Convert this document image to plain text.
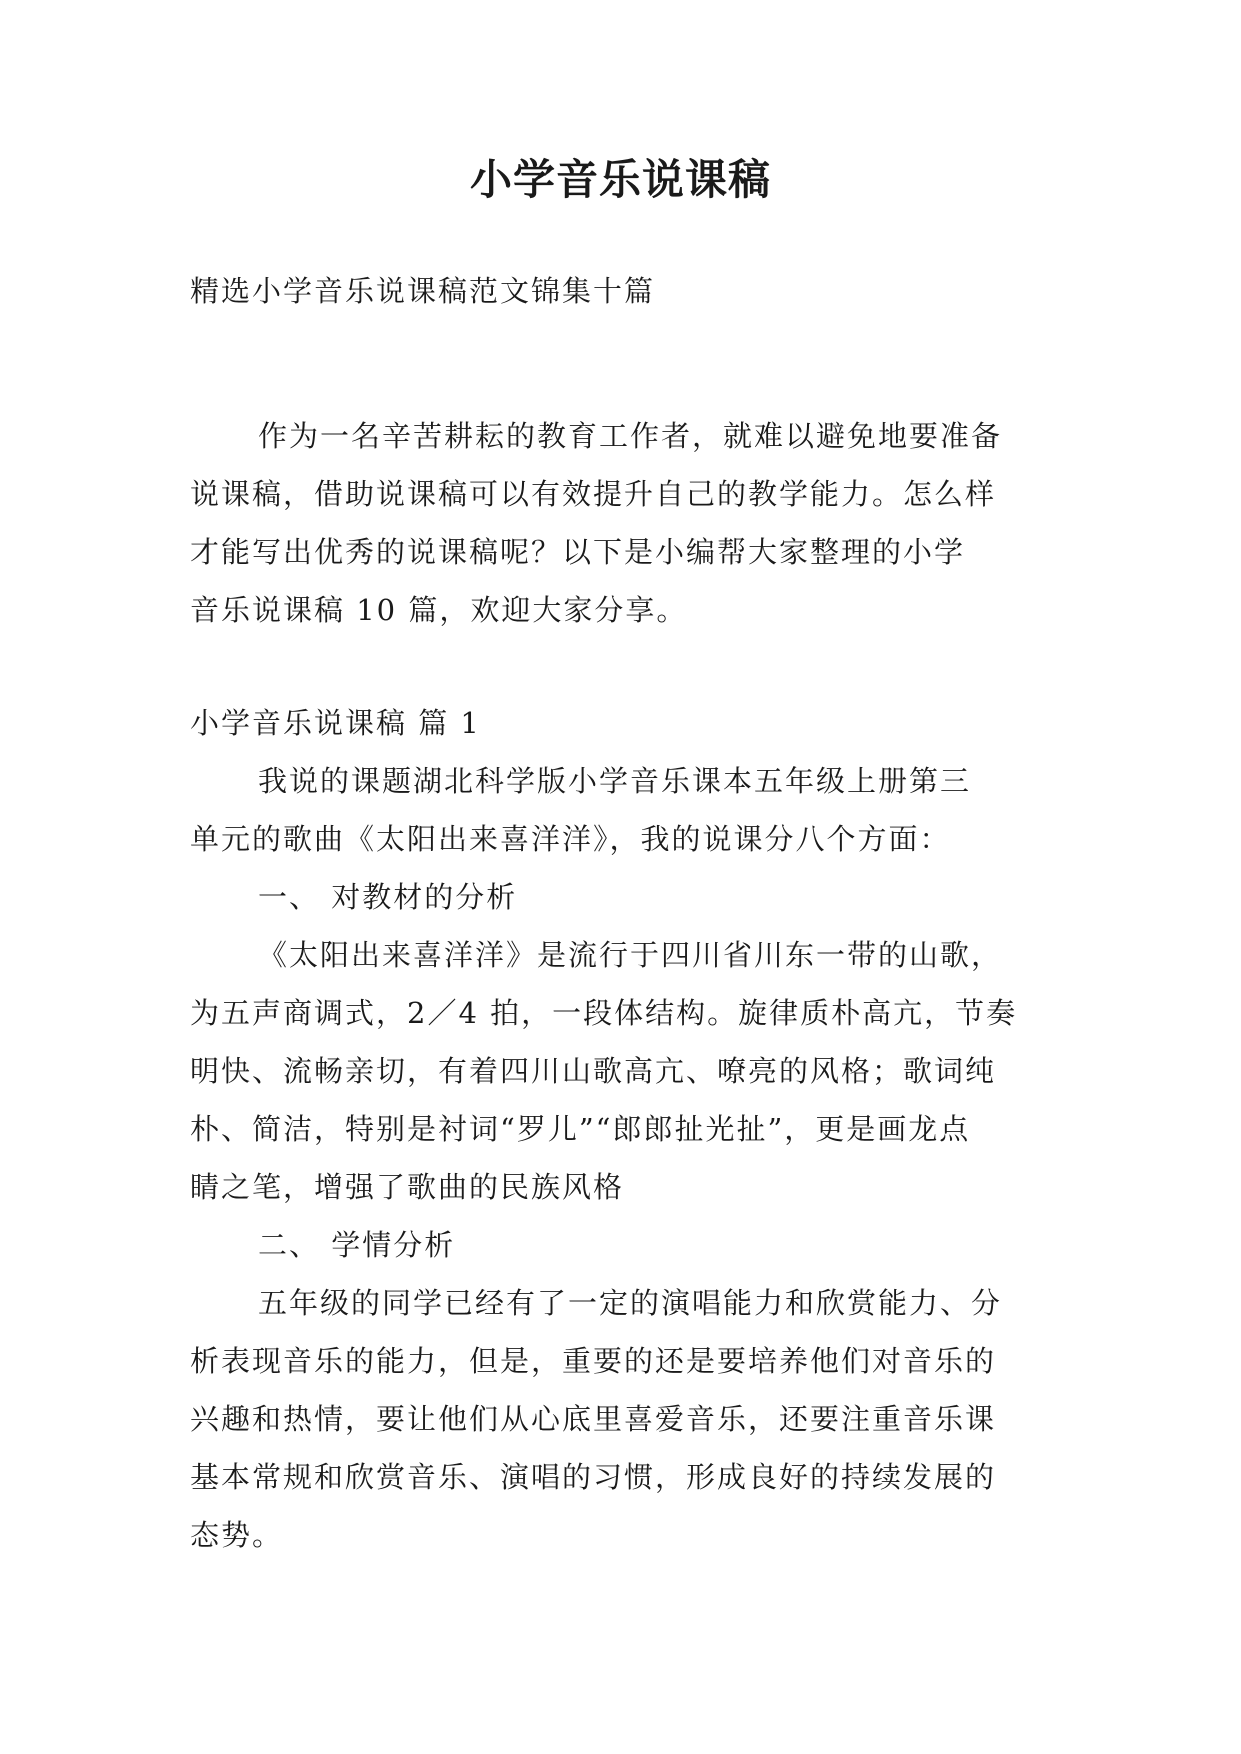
小学音乐说课稿
精选小学音乐说课稿范文锦集十篇
作为一名辛苦耕耘的教育工作者，就难以避免地要准备
说课稿，借助说课稿可以有效提升自己的教学能力。怎么样
才能写出优秀的说课稿呢？以下是小编帮大家整理的小学
音乐说课稿 10 篇，欢迎大家分享。
小学音乐说课稿 篇 1
我说的课题湖北科学版小学音乐课本五年级上册第三
单元的歌曲《太阳出来喜洋洋》，我的说课分八个方面：
一、 对教材的分析
《太阳出来喜洋洋》是流行于四川省川东一带的山歌，
为五声商调式，2／4 拍，一段体结构。旋律质朴高亢，节奏
明快、流畅亲切，有着四川山歌高亢、嘹亮的风格；歌词纯
朴、简洁，特别是衬词“罗儿”“郎郎扯光扯”，更是画龙点
睛之笔，增强了歌曲的民族风格
二、 学情分析
五年级的同学已经有了一定的演唱能力和欣赏能力、分
析表现音乐的能力，但是，重要的还是要培养他们对音乐的
兴趣和热情，要让他们从心底里喜爱音乐，还要注重音乐课
基本常规和欣赏音乐、演唱的习惯，形成良好的持续发展的
态势。
